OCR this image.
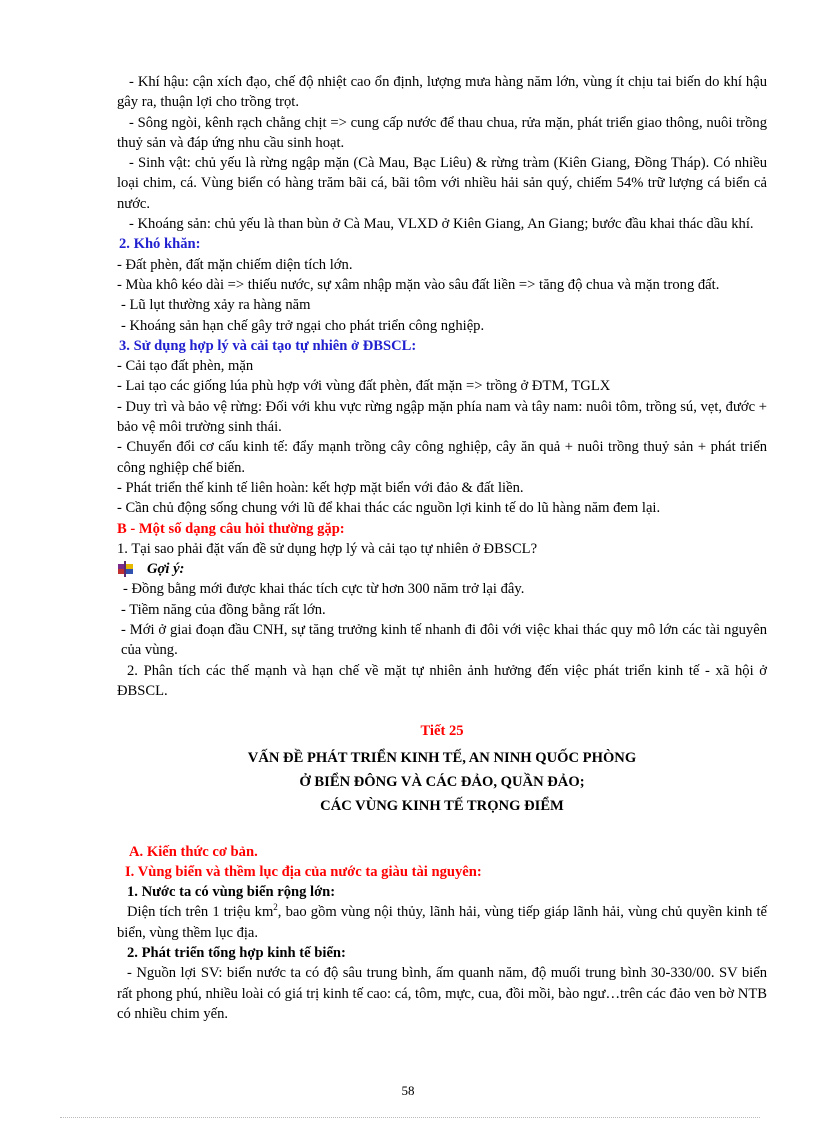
- Khí hậu: cận xích đạo, chế độ nhiệt cao ổn định, lượng mưa hàng năm lớn, vùng ít chịu tai biến do khí hậu gây ra, thuận lợi cho trồng trọt.

- Sông ngòi, kênh rạch chằng chịt => cung cấp nước để thau chua, rửa mặn, phát triển giao thông, nuôi trồng thuỷ sản và đáp ứng nhu cầu sinh hoạt.

- Sinh vật: chủ yếu là rừng ngập mặn (Cà Mau, Bạc Liêu) & rừng tràm (Kiên Giang, Đồng Tháp). Có nhiều loại chim, cá. Vùng biển có hàng trăm bãi cá, bãi tôm với nhiều hải sản quý, chiếm 54% trữ lượng cá biển cả nước.

- Khoáng sản: chủ yếu là than bùn ở Cà Mau, VLXD ở Kiên Giang, An Giang; bước đầu khai thác dầu khí.

2. Khó khăn:

- Đất phèn, đất mặn chiếm diện tích lớn.

- Mùa khô kéo dài => thiếu nước, sự xâm nhập mặn vào sâu đất liền => tăng độ chua và mặn trong đất.

- Lũ lụt thường xảy ra hàng năm

- Khoáng sản hạn chế gây trở ngại cho phát triển công nghiệp.

3. Sử dụng hợp lý và cải tạo tự nhiên ở ĐBSCL:

- Cải tạo đất phèn, mặn

- Lai tạo các giống lúa phù hợp với vùng đất phèn, đất mặn => trồng ở ĐTM, TGLX

- Duy trì và bảo vệ rừng: Đối với khu vực rừng ngập mặn phía nam và tây nam: nuôi tôm, trồng sú, vẹt, đước + bảo vệ môi trường sinh thái.

- Chuyển đổi cơ cấu kinh tế: đẩy mạnh trồng cây công nghiệp, cây ăn quả + nuôi trồng thuỷ sản + phát triển công nghiệp chế biến.

- Phát triển thế kinh tế liên hoàn: kết hợp mặt biển với đảo & đất liền.

- Cần chủ động sống chung với lũ để khai thác các nguồn lợi kinh tế do lũ hàng năm đem lại.

B - Một số dạng câu hỏi thường gặp:

1. Tại sao phải đặt vấn đề sử dụng hợp lý và cải tạo tự nhiên ở ĐBSCL?

Gợi ý:

- Đồng bằng mới được khai thác tích cực từ hơn 300 năm trở lại đây.

- Tiềm năng của đồng bằng rất lớn.

- Mới ở giai đoạn đầu CNH, sự tăng trưởng kinh tế nhanh đi đôi với việc khai thác quy mô lớn các tài nguyên của vùng.

2. Phân tích các thế mạnh và hạn chế về mặt tự nhiên ảnh hưởng đến việc phát triển kinh tế - xã hội ở ĐBSCL.

Tiết 25

VẤN ĐỀ PHÁT TRIỂN KINH TẾ, AN NINH QUỐC PHÒNG

Ở BIỂN ĐÔNG VÀ CÁC ĐẢO, QUẦN ĐẢO;

CÁC VÙNG KINH TẾ TRỌNG ĐIỂM

A. Kiến thức cơ bản.

I. Vùng biển và thềm lục địa của nước ta giàu tài nguyên:

1. Nước ta có vùng biển rộng lớn:

Diện tích trên 1 triệu $km^2$, bao gồm vùng nội thủy, lãnh hải, vùng tiếp giáp lãnh hải, vùng chủ quyền kinh tế biển, vùng thềm lục địa.

2. Phát triển tổng hợp kinh tế biển:

- Nguồn lợi SV: biển nước ta có độ sâu trung bình, ấm quanh năm, độ muối trung bình 30-330/00. SV biển rất phong phú, nhiều loài có giá trị kinh tế cao: cá, tôm, mực, cua, đồi mồi, bào ngư…trên các đảo ven bờ NTB có nhiều chim yến.

58
